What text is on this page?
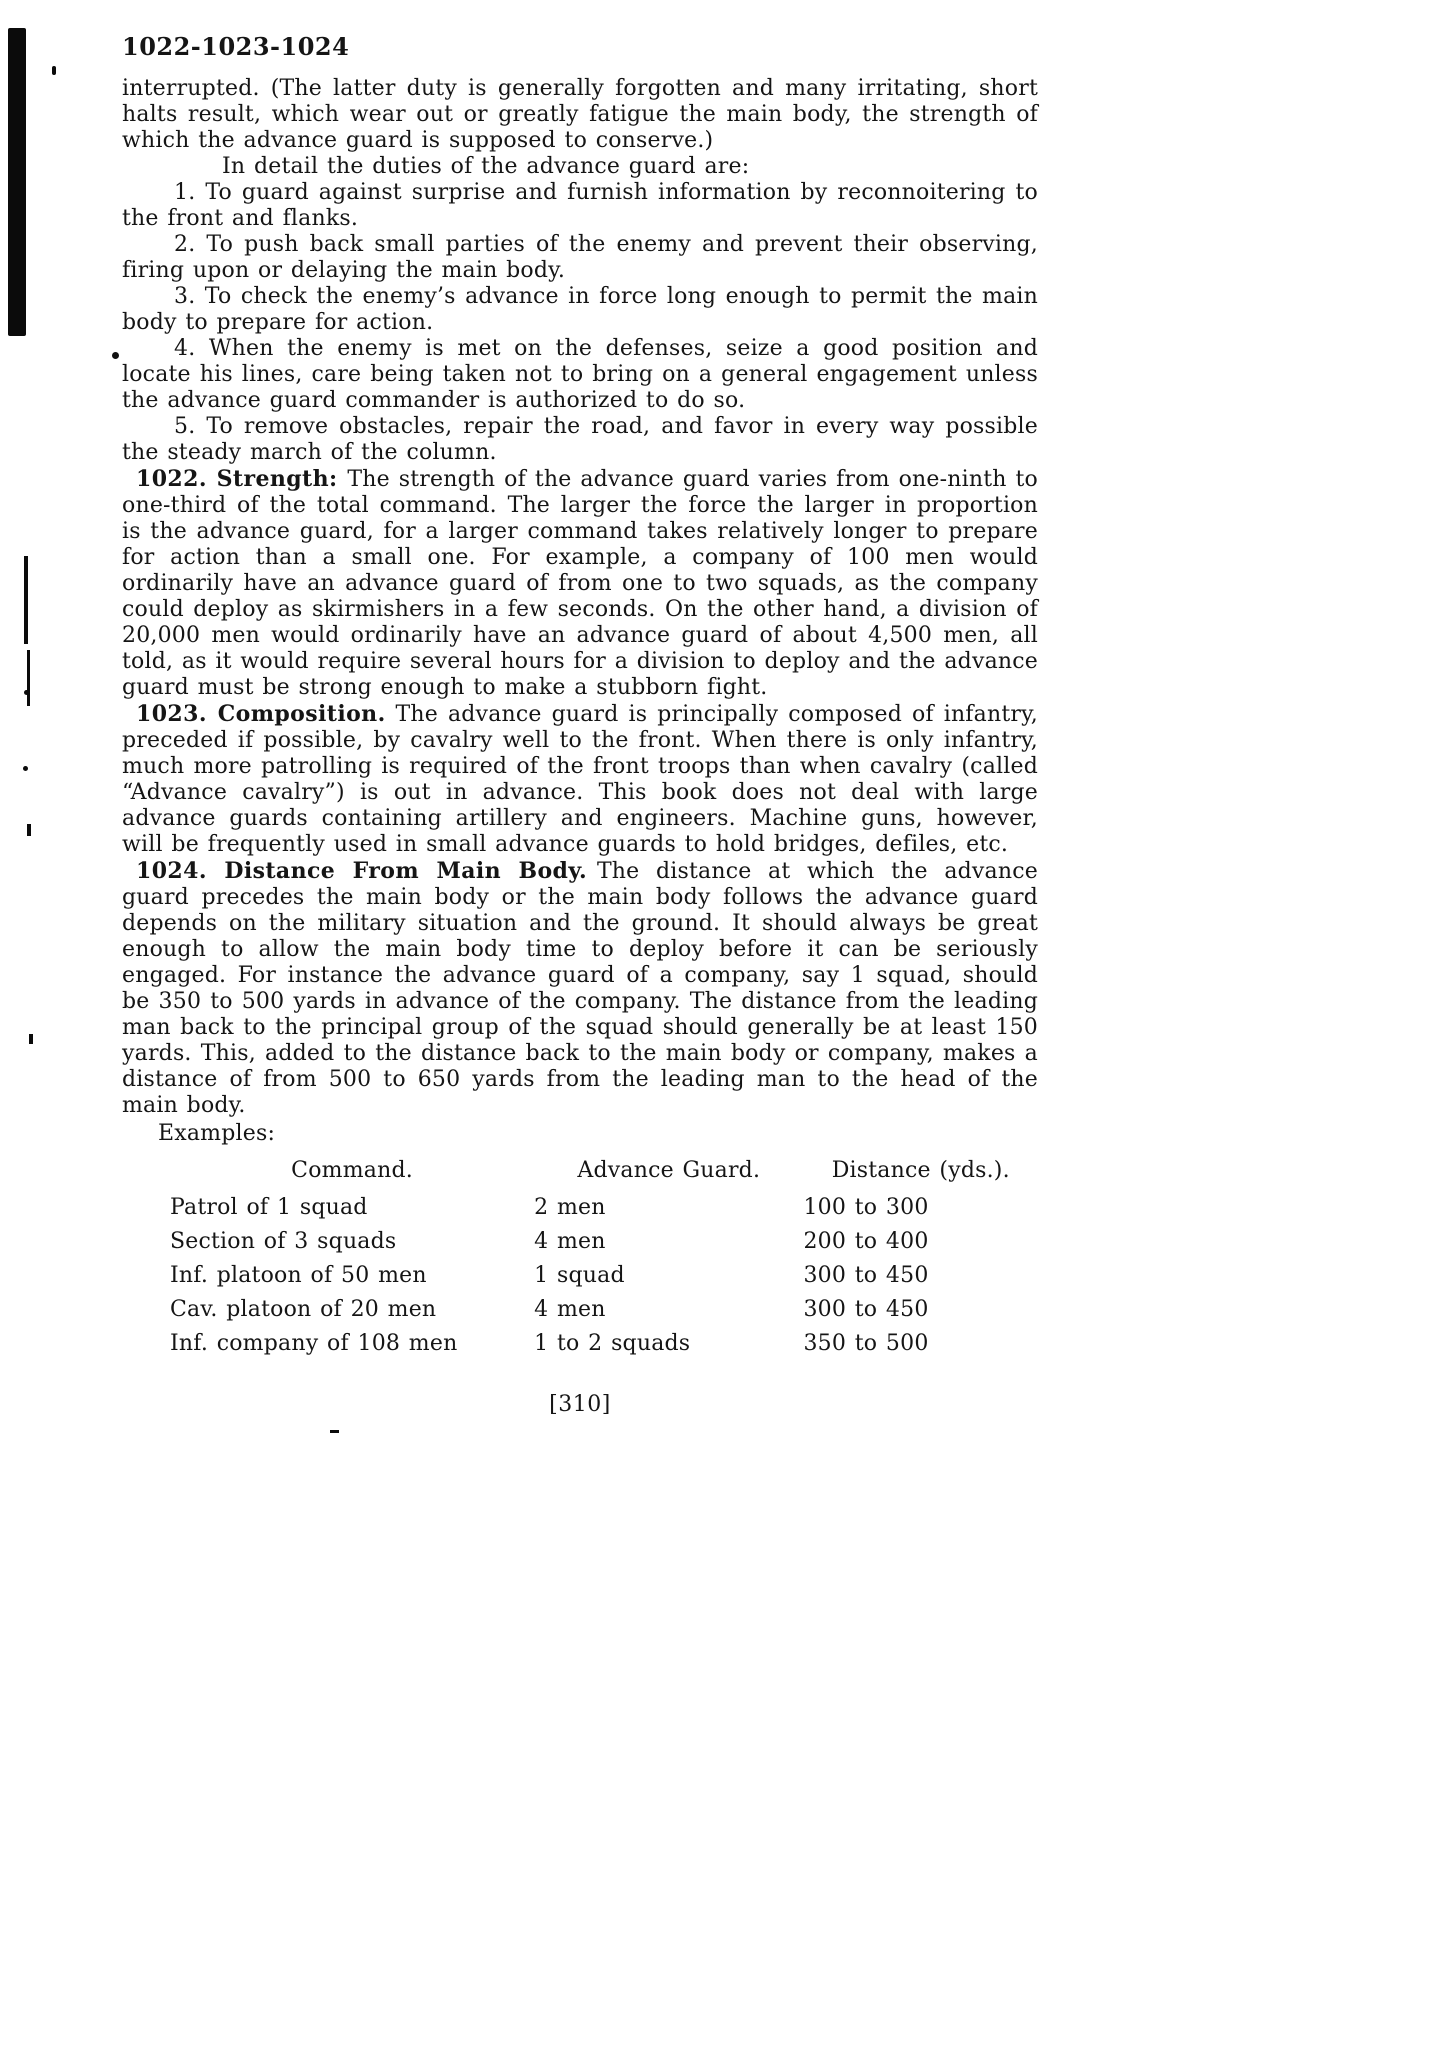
1022-1023-1024

interrupted. (The latter duty is generally forgotten and many irritating, short halts result, which wear out or greatly fatigue the main body, the strength of which the advance guard is supposed to conserve.)

In detail the duties of the advance guard are:

1. To guard against surprise and furnish information by reconnoitering to the front and flanks.

2. To push back small parties of the enemy and prevent their observing, firing upon or delaying the main body.

3. To check the enemy’s advance in force long enough to permit the main body to prepare for action.

4. When the enemy is met on the defenses, seize a good position and locate his lines, care being taken not to bring on a general engagement unless the advance guard commander is authorized to do so.

5. To remove obstacles, repair the road, and favor in every way possible the steady march of the column.

1022. Strength: The strength of the advance guard varies from one-ninth to one-third of the total command. The larger the force the larger in proportion is the advance guard, for a larger command takes relatively longer to prepare for action than a small one. For example, a company of 100 men would ordinarily have an advance guard of from one to two squads, as the company could deploy as skirmishers in a few seconds. On the other hand, a division of 20,000 men would ordinarily have an advance guard of about 4,500 men, all told, as it would require several hours for a division to deploy and the advance guard must be strong enough to make a stubborn fight.

1023. Composition. The advance guard is principally composed of infantry, preceded if possible, by cavalry well to the front. When there is only infantry, much more patrolling is required of the front troops than when cavalry (called “Advance cavalry”) is out in advance. This book does not deal with large advance guards containing artillery and engineers. Machine guns, however, will be frequently used in small advance guards to hold bridges, defiles, etc.

1024. Distance From Main Body. The distance at which the advance guard precedes the main body or the main body follows the advance guard depends on the military situation and the ground. It should always be great enough to allow the main body time to deploy before it can be seriously engaged. For instance the advance guard of a company, say 1 squad, should be 350 to 500 yards in advance of the company. The distance from the leading man back to the principal group of the squad should generally be at least 150 yards. This, added to the distance back to the main body or company, makes a distance of from 500 to 650 yards from the leading man to the head of the main body.

Examples:

Command.	Advance Guard.	Distance (yds.).
Patrol of 1 squad	2 men	100 to 300
Section of 3 squads	4 men	200 to 400
Inf. platoon of 50 men	1 squad	300 to 450
Cav. platoon of 20 men	4 men	300 to 450
Inf. company of 108 men	1 to 2 squads	350 to 500
[310]
